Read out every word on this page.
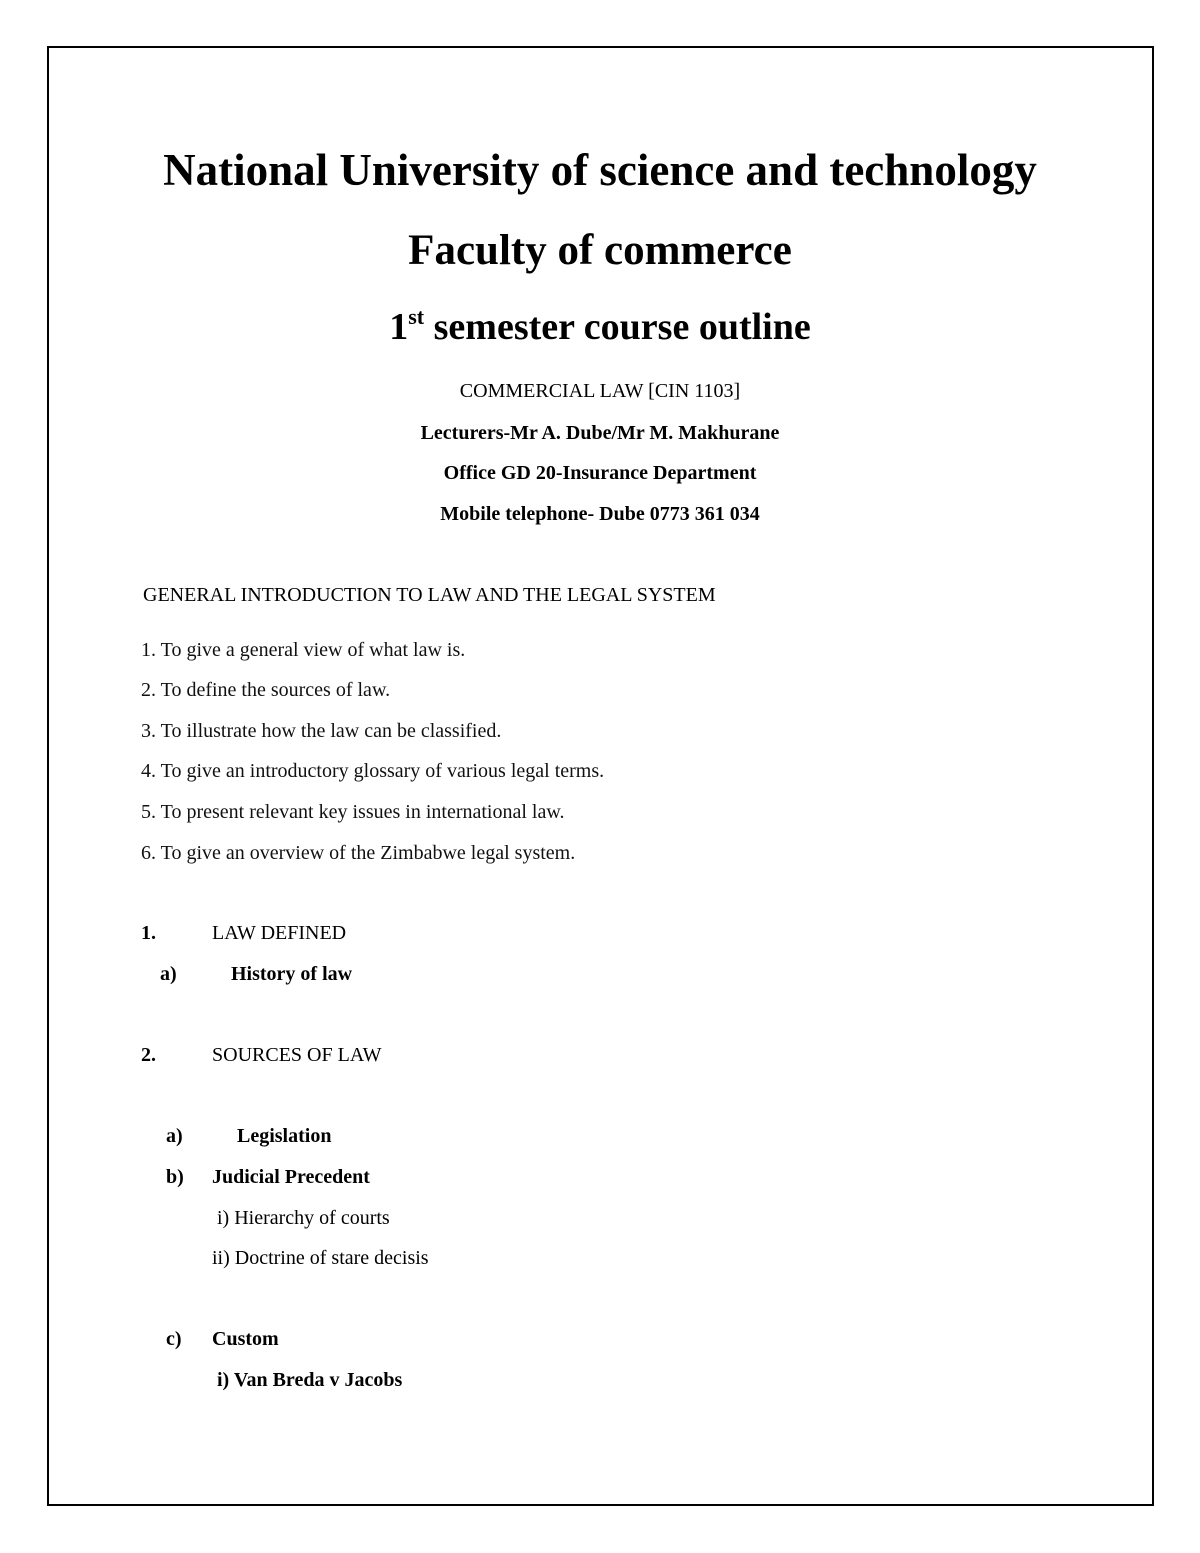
National University of science and technology
Faculty of commerce
1st semester course outline
COMMERCIAL LAW [CIN 1103]
Lecturers-Mr A. Dube/Mr M. Makhurane
Office GD 20-Insurance Department
Mobile telephone- Dube 0773 361 034
GENERAL INTRODUCTION TO LAW AND THE LEGAL SYSTEM
1. To give a general view of what law is.
2. To define the sources of law.
3. To illustrate how the law can be classified.
4. To give an introductory glossary of various legal terms.
5. To present relevant key issues in international law.
6. To give an overview of the Zimbabwe legal system.
1.	LAW DEFINED
a)	History of law
2.	SOURCES OF LAW
a)	Legislation
b) Judicial Precedent
i) Hierarchy of courts
ii) Doctrine of stare decisis
c) Custom
i) Van Breda v Jacobs
